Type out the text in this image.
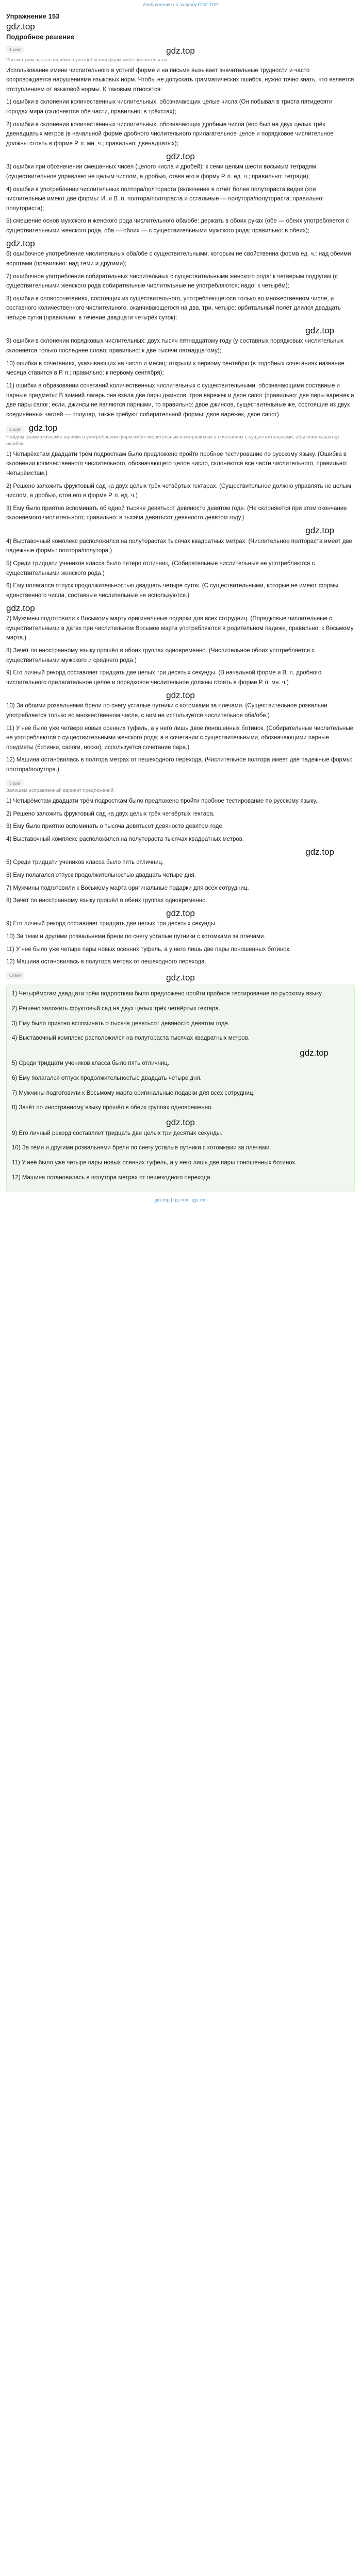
Изображение по запросу GDZ.TOP
Упражнение 153
gdz.top
Подробное решение
1 шаг	gdz.top
Рассмотрим частые ошибки в употреблении форм имён числительных.

Использование имени числительного в устной форме и на письме вызывает значительные трудности и часто сопровождается нарушениями языковых норм. Чтобы не допускать грамматических ошибок, нужно точно знать, что является отступлением от языковой нормы. К таковым относятся:

1) ошибки в склонении количественных числительных, обозначающих целые числа (Он побывал в триста пятидесяти городах мира (склоняются обе части, правильно: в трёхстах);

2) ошибки в склонении количественных числительных, обозначающих дробные числа (вор был на двух целых трёх двенадцатых метров (в начальной форме дробного числительного прилагательное целое и порядковое числительное должны стоять в форме Р. п. мн. ч.; правильно: двенадцатых);

gdz.top

3) ошибки при обозначении смешанных чисел (целого числа и дробей): к семи целым шести восьмым тетрадям (существительное управляет не целым числом, а дробью, ставя его в форму Р. п. ед. ч.; правильно: тетради);

4) ошибки в употреблении числительных полтора/полтораста (включение в отчёт более полутораста видов (эти числительные имеют две формы: И. и В. п. полтора/полтораста и остальные — полутора/полутораста; правильно: полутораста);

5) смешение основ мужского и женского рода числительного оба/обе: держать в обоих руках (обе — обеих употребляется с существительными женского рода, оба — обоих — с существительными мужского рода; правильно: в обеих);

gdz.top

6) ошибочное употребление числительных оба/обе с существительными, которым не свойственна форма ед. ч.: над обеими воротами (правильно: над теми и другими);

7) ошибочное употребление собирательных числительных с существительными женского рода: к четверым подругам (с существительными женского рода собирательные числительные не употребляются; надо: к четырём);

8) ошибки в словосочетаниях, состоящих из существительного, употребляющегося только во множественном числе, и составного количественного числительного, оканчивающегося на два, три, четыре: орбитальный полёт длился двадцать четыре сутки (правильно: в течение двадцати четырёх суток);

gdz.top

9) ошибки в склонении порядковых числительных: двух тысяч пятнадцатому году (у составных порядковых числительных склоняется только последнее слово; правильно: к две тысячи пятнадцатому);

10) ошибки в сочетаниях, указывающих на число и месяц: открыли к первому сентябрю (в подобных сочетаниях название месяца ставится в Р. п.; правильно: к первому сентября);

11) ошибки в образовании сочетаний количественных числительных с существительными, обозначающими составные и парные предметы: В зимний лагерь она взяла две пары джинсов, трое варежек и двое сапог (правильно: две пары варежек и две пары сапог; если, джинсы не являются парными, то правильно: двое джинсов, существительные же, состоящие из двух соединённых частей — полупар, также требуют собирательной формы: двое варежек, двое сапог).

2 шаг gdz.top
Найдём грамматические ошибки в употреблении форм имён числительных и исправим их в сочетаниях с существительными, объяснив характер ошибок.

1) Четырёхстам двадцати трём подросткам было предложено пройти пробное тестирование по русскому языку. (Ошибка в склонении количественного числительного, обозначающего целое число, склоняются все части числительного, правильно: Четырёмстам.)

2) Решено заложить фруктовый сад на двух целых трёх четвёртых гектарах. (Существительное должно управлять не целым числом, а дробью, стоя его в форме Р. п. ед. ч.)

3) Ему было приятно вспоминать об одной тысяче девятьсот девяносто девятом годе. (Не склоняются при этом окончание склоняемого числительного; правильно: в тысяча девятьсот девяносто девятом году.)

gdz.top

4) Выставочный комплекс расположился на полуторастах тысячах квадратных метрах. (Числительное полтораста имеет две падежные формы: полтора/полутора.)

5) Среди тридцати учеников класса было пятеро отличниц. (Собирательные числительные не употребляются с существительными женского рода.)

6) Ему полагался отпуск продолжительностью двадцать четыре суток. (С существительными, которые не имеют формы единственного числа, составные числительные не используются.)

gdz.top

7) Мужчины подготовили к Восьмому марту оригинальные подарки для всех сотрудниц. (Порядковые числительные с существительными в датах при числительном Восьмое марта употребляются в родительном падеже, правильно: к Восьмому марта.)

8) Зачёт по иностранному языку прошёл в обоих группах одновременно. (Числительное обоих употребляется с существительными мужского и среднего рода.)

9) Его личный рекорд составляет тридцать две целых три десятых секунды. (В начальной форме и В. п. дробного числительного прилагательное целое и порядковое числительное должны стоять в форме Р. п. мн. ч.)

gdz.top

10) За обоими розвальнями брели по снегу усталые путники с котомками за плечами. (Существительное розвальни употребляется только во множественном числе, с ним не используется числительное оба/обе.)

11) У неё было уже четверо новых осенних туфель, а у него лишь двое поношенных ботинок. (Собирательные числительные не употребляются с существительными женского рода; а в сочетании с существительными, обозначающими парные предметы (ботинки, сапоги, носки), используется сочетание пара.)

12) Машина остановилась в полтора метрах от пешеходного перехода. (Числительное полтора имеет две падежные формы: полтора/полутора.)

3 шаг
Запишем исправленный вариант предложений.

1) Четырёмстам двадцати трём подросткам было предложено пройти пробное тестирование по русскому языку.

2) Решено заложить фруктовый сад на двух целых трёх четвёртых гектара.

3) Ему было приятно вспоминать о тысяча девятьсот девяносто девятом годе.

4) Выставочный комплекс расположился на полутораста тысячах квадратных метров.

gdz.top

5) Среди тридцати учеников класса было пять отличниц.

6) Ему полагался отпуск продолжительностью двадцать четыре дня.

7) Мужчины подготовили к Восьмому марта оригинальные подарки для всех сотрудниц.

8) Зачёт по иностранному языку прошёл в обеих группах одновременно.

gdz.top

9) Его личный рекорд составляет тридцать две целых три десятых секунды.

10) За теми и другими розвальнями брели по снегу усталые путники с котомками за плечами.

11) У неё было уже четыре пары новых осенних туфель, а у него лишь две пары поношенных ботинок.

12) Машина остановилась в полутора метрах от пешеходного перехода.

Ответ	gdz.top

1) Четырёмстам двадцати трём подросткам было предложено пройти пробное тестирование по русскому языку.

2) Решено заложить фруктовый сад на двух целых трёх четвёртых гектара.

3) Ему было приятно вспоминать о тысяча девятьсот девяносто девятом годе.

4) Выставочный комплекс расположился на полутораста тысячах квадратных метров.

gdz.top

5) Среди тридцати учеников класса было пять отличниц.

6) Ему полагался отпуск продолжительностью двадцать четыре дня.

7) Мужчины подготовили к Восьмому марта оригинальные подарки для всех сотрудниц.

8) Зачёт по иностранному языку прошёл в обеих группах одновременно.

gdz.top

9) Его личный рекорд составляет тридцать две целых три десятых секунды.

10) За теми и другими розвальнями брели по снегу усталые путники с котомками за плечами.

11) У неё было уже четыре пары новых осенних туфель, а у него лишь две пары поношенных ботинок.

12) Машина остановилась в полутора метрах от пешеходного перехода.

gdz.top | гдз.топ | гдз.топ
